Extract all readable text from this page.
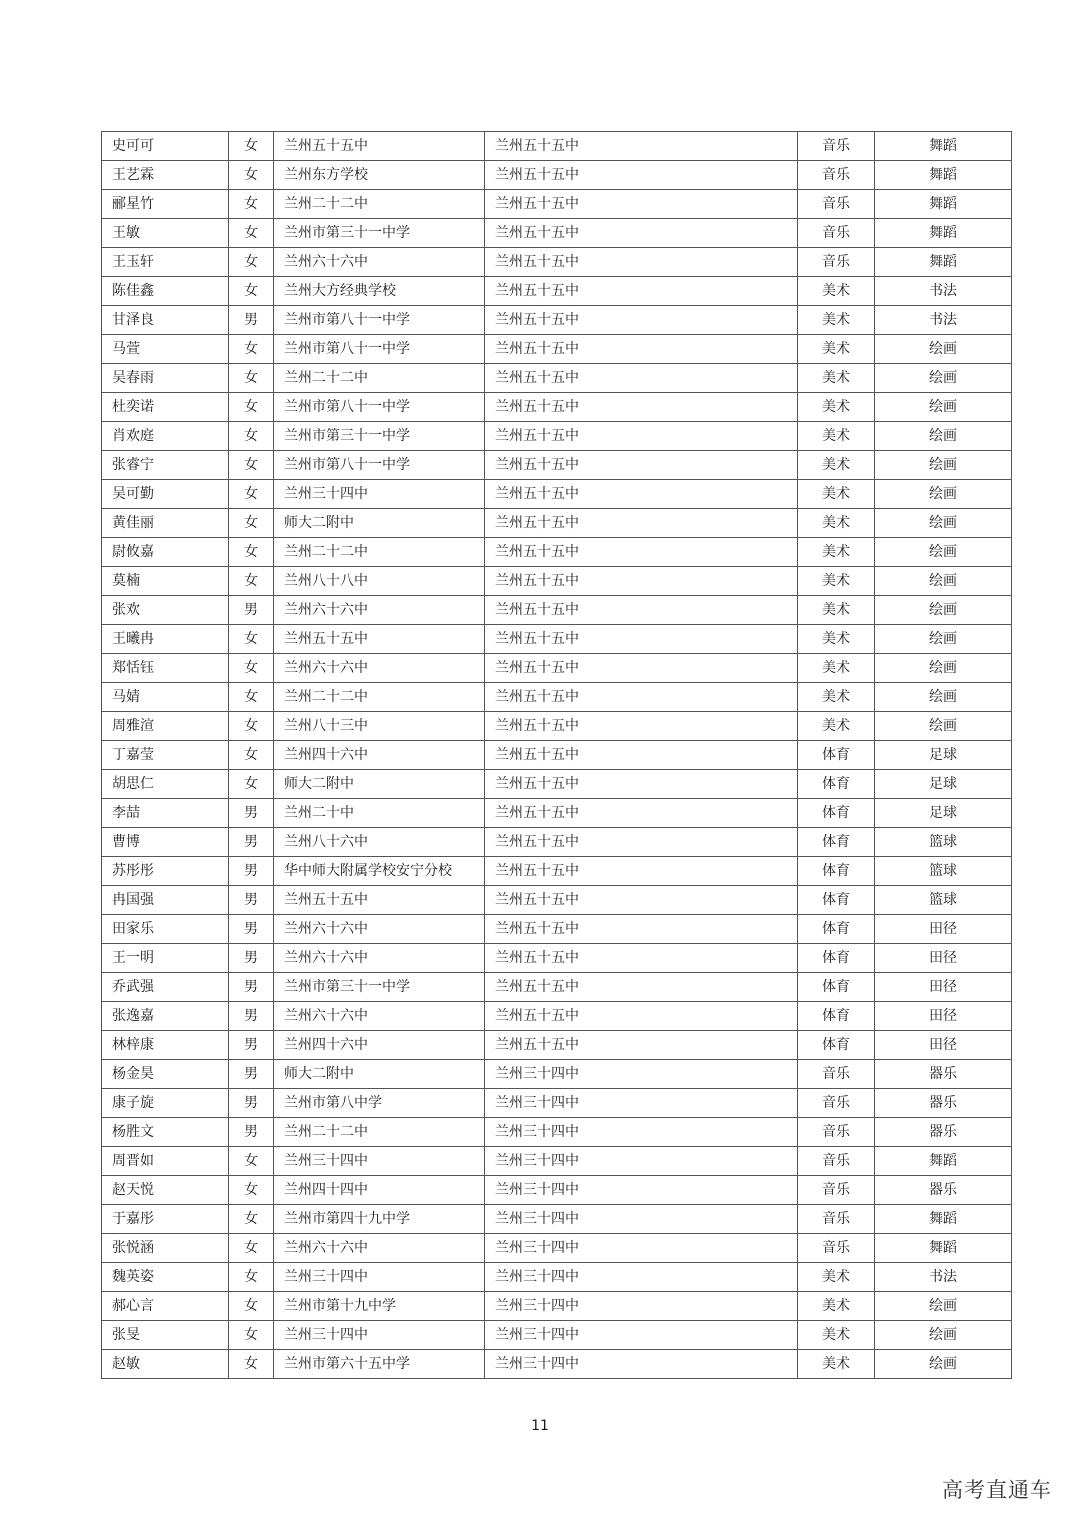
史可可	女	兰州五十五中	兰州五十五中	音乐	舞蹈
王艺霖	女	兰州东方学校	兰州五十五中	音乐	舞蹈
郦星竹	女	兰州二十二中	兰州五十五中	音乐	舞蹈
王敏	女	兰州市第三十一中学	兰州五十五中	音乐	舞蹈
王玉轩	女	兰州六十六中	兰州五十五中	音乐	舞蹈
陈佳鑫	女	兰州大方经典学校	兰州五十五中	美术	书法
甘泽良	男	兰州市第八十一中学	兰州五十五中	美术	书法
马萱	女	兰州市第八十一中学	兰州五十五中	美术	绘画
吴春雨	女	兰州二十二中	兰州五十五中	美术	绘画
杜奕诺	女	兰州市第八十一中学	兰州五十五中	美术	绘画
肖欢庭	女	兰州市第三十一中学	兰州五十五中	美术	绘画
张睿宁	女	兰州市第八十一中学	兰州五十五中	美术	绘画
吴可勤	女	兰州三十四中	兰州五十五中	美术	绘画
黄佳丽	女	师大二附中	兰州五十五中	美术	绘画
尉攸嘉	女	兰州二十二中	兰州五十五中	美术	绘画
莫楠	女	兰州八十八中	兰州五十五中	美术	绘画
张欢	男	兰州六十六中	兰州五十五中	美术	绘画
王曦冉	女	兰州五十五中	兰州五十五中	美术	绘画
郑恬钰	女	兰州六十六中	兰州五十五中	美术	绘画
马婧	女	兰州二十二中	兰州五十五中	美术	绘画
周雅渲	女	兰州八十三中	兰州五十五中	美术	绘画
丁嘉莹	女	兰州四十六中	兰州五十五中	体育	足球
胡思仁	女	师大二附中	兰州五十五中	体育	足球
李喆	男	兰州二十中	兰州五十五中	体育	足球
曹博	男	兰州八十六中	兰州五十五中	体育	篮球
苏彤彤	男	华中师大附属学校安宁分校	兰州五十五中	体育	篮球
冉国强	男	兰州五十五中	兰州五十五中	体育	篮球
田家乐	男	兰州六十六中	兰州五十五中	体育	田径
王一明	男	兰州六十六中	兰州五十五中	体育	田径
乔武强	男	兰州市第三十一中学	兰州五十五中	体育	田径
张逸嘉	男	兰州六十六中	兰州五十五中	体育	田径
林梓康	男	兰州四十六中	兰州五十五中	体育	田径
杨金昊	男	师大二附中	兰州三十四中	音乐	器乐
康子旋	男	兰州市第八中学	兰州三十四中	音乐	器乐
杨胜文	男	兰州二十二中	兰州三十四中	音乐	器乐
周晋如	女	兰州三十四中	兰州三十四中	音乐	舞蹈
赵天悦	女	兰州四十四中	兰州三十四中	音乐	器乐
于嘉彤	女	兰州市第四十九中学	兰州三十四中	音乐	舞蹈
张悦涵	女	兰州六十六中	兰州三十四中	音乐	舞蹈
魏英姿	女	兰州三十四中	兰州三十四中	美术	书法
郝心言	女	兰州市第十九中学	兰州三十四中	美术	绘画
张旻	女	兰州三十四中	兰州三十四中	美术	绘画
赵敏	女	兰州市第六十五中学	兰州三十四中	美术	绘画
11
高考直通车
